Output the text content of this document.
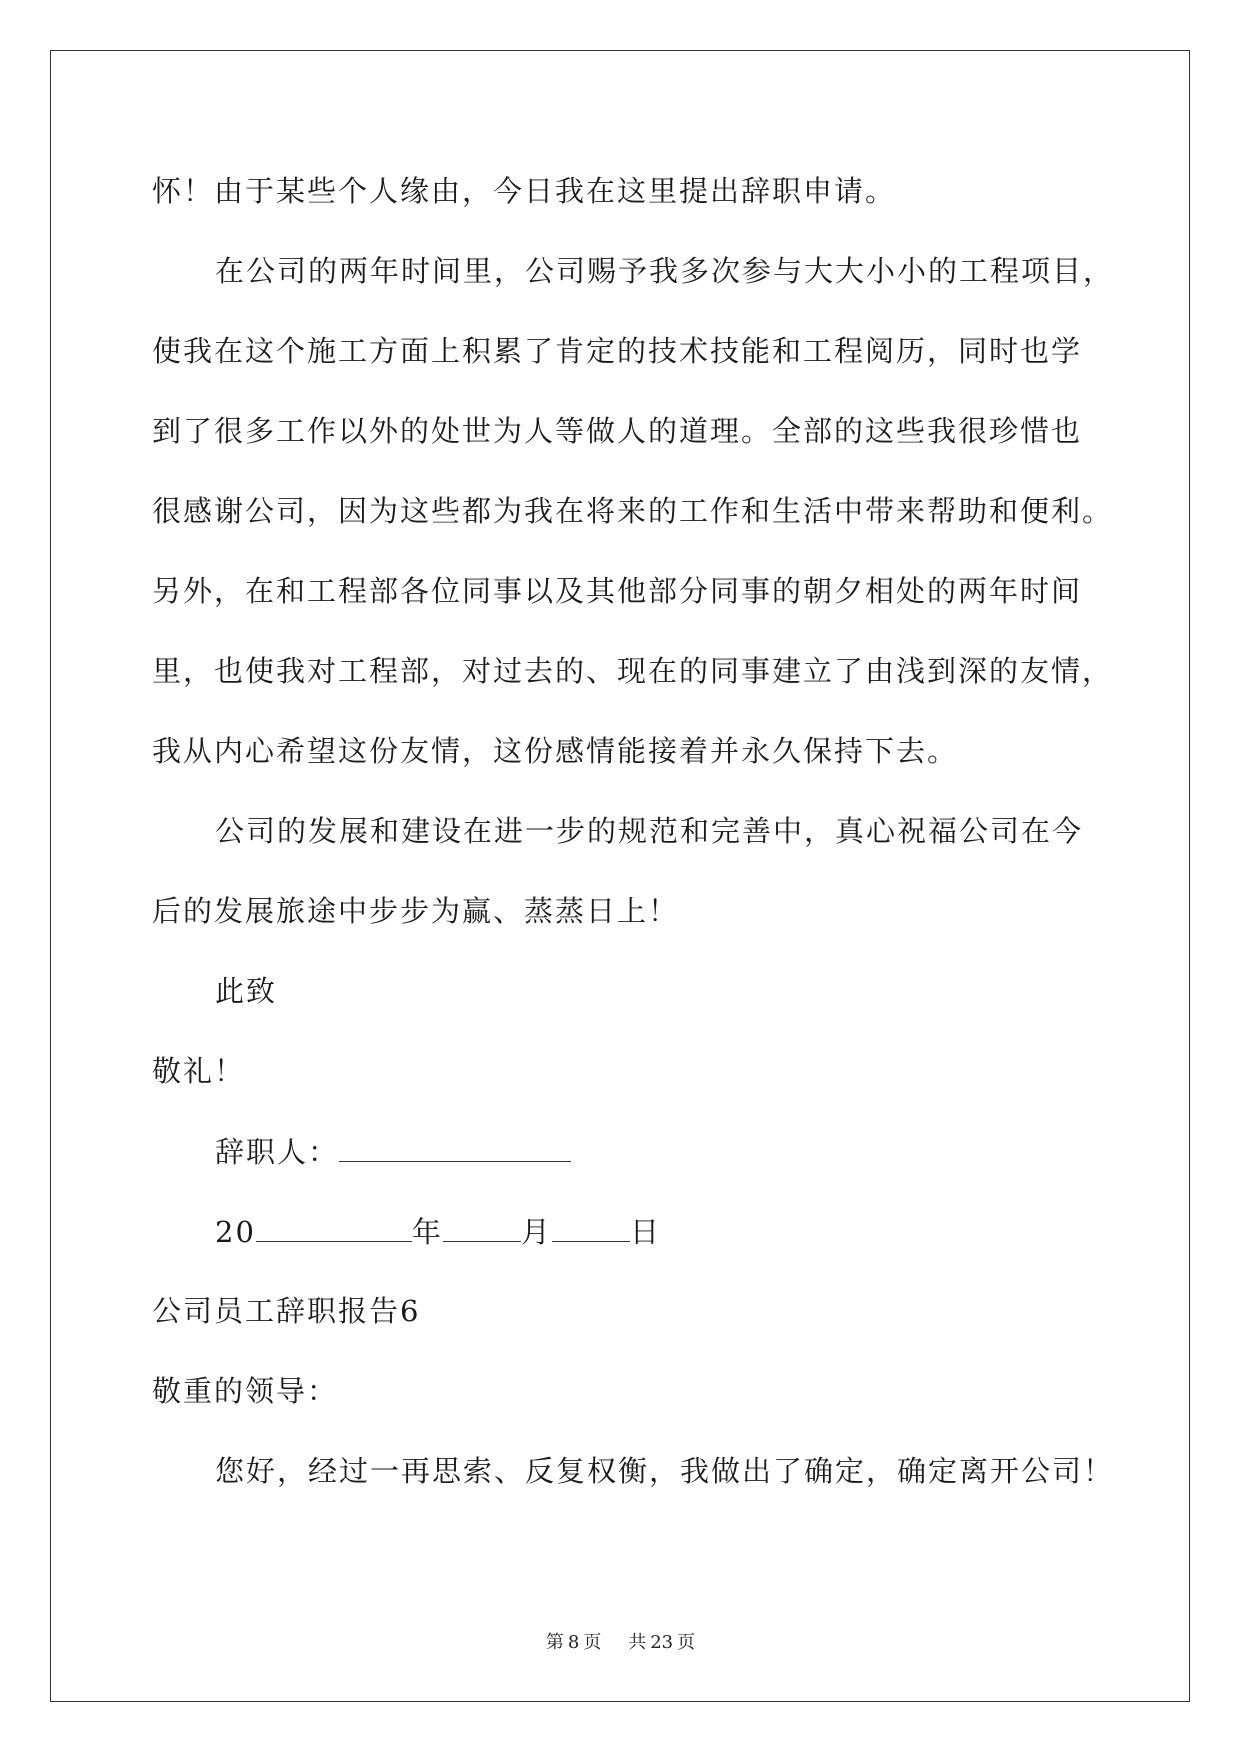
怀！由于某些个人缘由，今日我在这里提出辞职申请。
在公司的两年时间里，公司赐予我多次参与大大小小的工程项目，
使我在这个施工方面上积累了肯定的技术技能和工程阅历，同时也学
到了很多工作以外的处世为人等做人的道理。全部的这些我很珍惜也
很感谢公司，因为这些都为我在将来的工作和生活中带来帮助和便利。
另外，在和工程部各位同事以及其他部分同事的朝夕相处的两年时间
里，也使我对工程部，对过去的、现在的同事建立了由浅到深的友情，
我从内心希望这份友情，这份感情能接着并永久保持下去。
公司的发展和建设在进一步的规范和完善中，真心祝福公司在今
后的发展旅途中步步为赢、蒸蒸日上！
此致
敬礼！
辞职人：
20	年	月	日
公司员工辞职报告6
敬重的领导：
您好，经过一再思索、反复权衡，我做出了确定，确定离开公司！
第 8 页 共 23 页
